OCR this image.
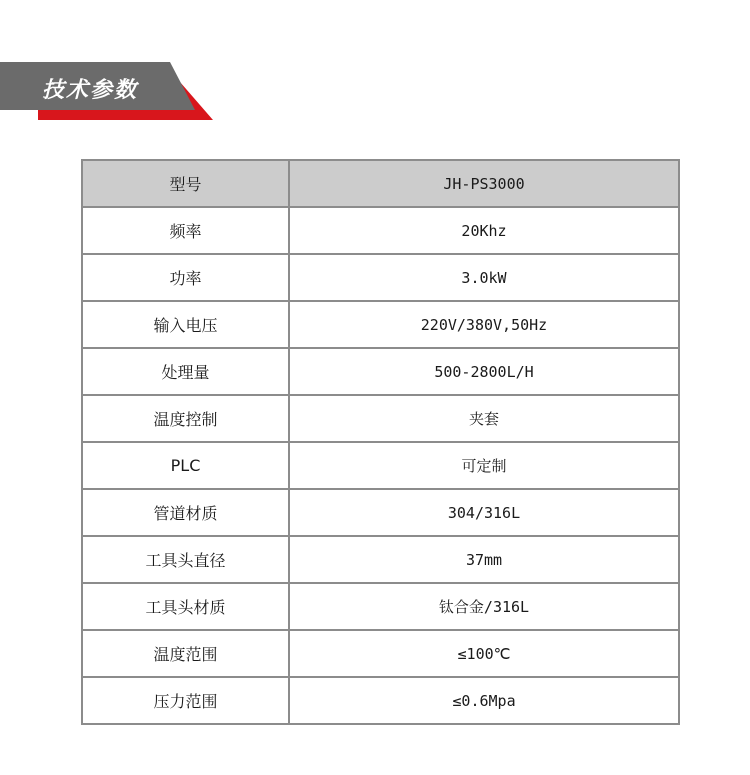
技术参数
型号	JH-PS3000
频率	20Khz
功率	3.0kW
输入电压	220V/380V,50Hz
处理量	500-2800L/H
温度控制	夹套
PLC	可定制
管道材质	304/316L
工具头直径	37mm
工具头材质	钛合金/316L
温度范围	≤100℃
压力范围	≤0.6Mpa
